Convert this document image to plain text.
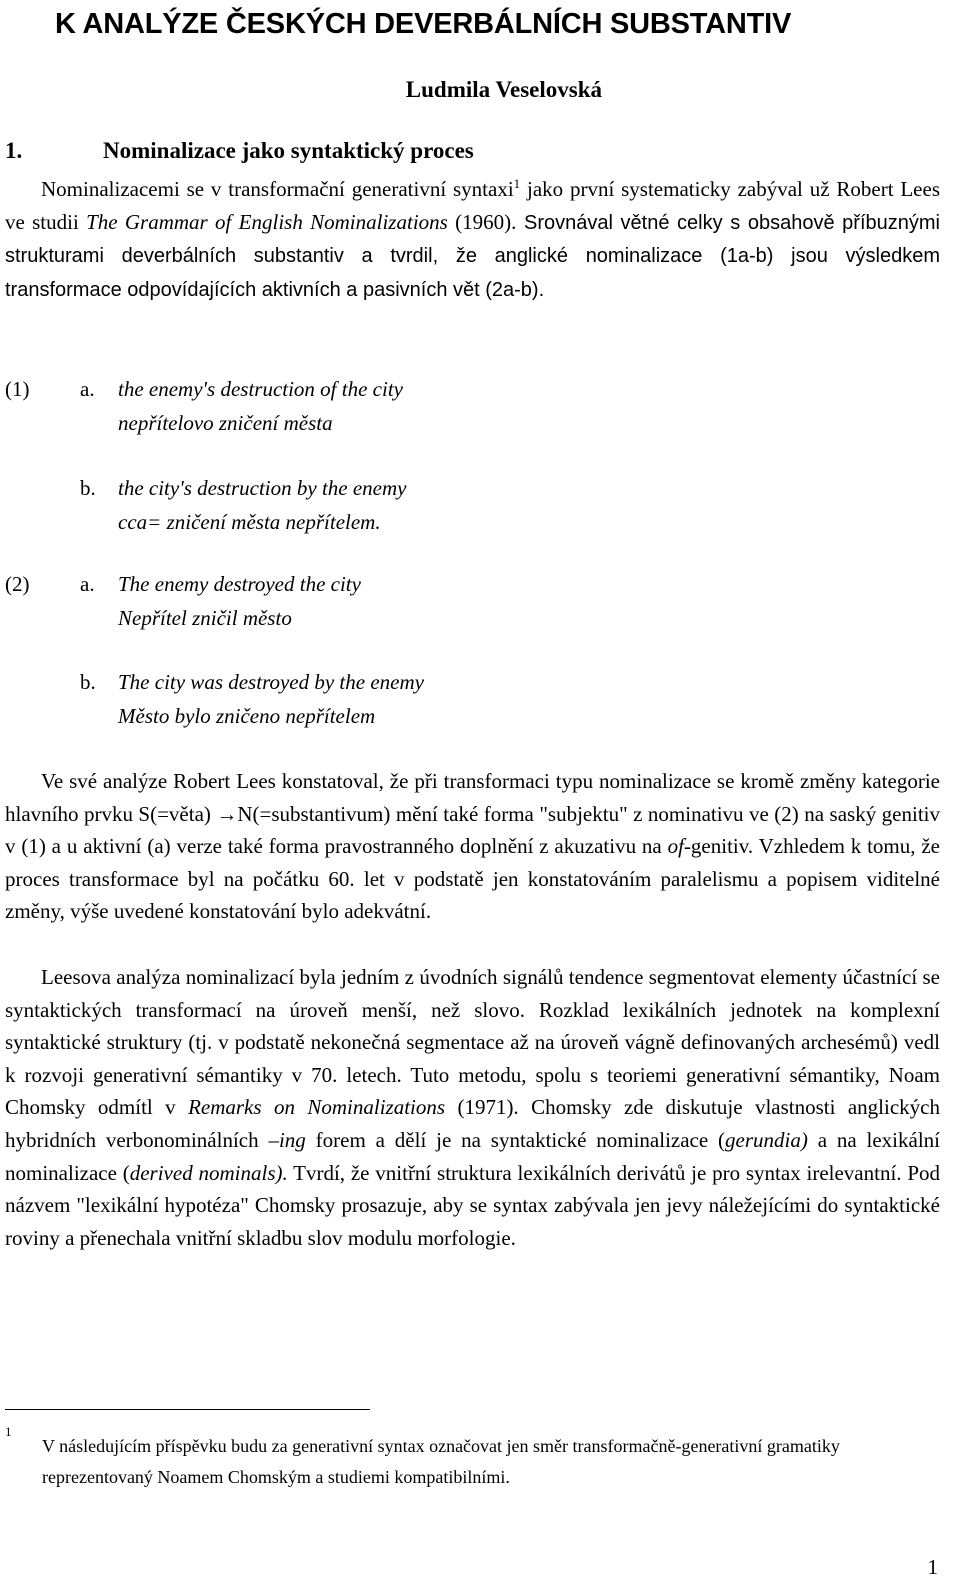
K ANALÝZE ČESKÝCH DEVERBÁLNÍCH SUBSTANTIV
Ludmila Veselovská
1.	Nominalizace jako syntaktický proces

Nominalizacemi se v transformační generativní syntaxi$^1$ jako první systematicky zabýval už Robert Lees ve studii The Grammar of English Nominalizations (1960). Srovnával větné celky s obsahově příbuznými strukturami deverbálních substantiv a tvrdil, že anglické nominalizace (1a-b) jsou výsledkem transformace odpovídajících aktivních a pasivních vět (2a-b).

(1) a. the enemy's destruction of the city
nepřítelovo zničení města
b. the city's destruction by the enemy
cca= zničení města nepřítelem.
(2) a. The enemy destroyed the city
Nepřítel zničil město
b. The city was destroyed by the enemy
Město bylo zničeno nepřítelem

Ve své analýze Robert Lees konstatoval, že při transformaci typu nominalizace se kromě změny kategorie hlavního prvku S(=věta) →N(=substantivum) mění také forma "subjektu" z nominativu ve (2) na saský genitiv v (1) a u aktivní (a) verze také forma pravostranného doplnění z akuzativu na of-genitiv. Vzhledem k tomu, že proces transformace byl na počátku 60. let v podstatě jen konstatováním paralelismu a popisem viditelné změny, výše uvedené konstatování bylo adekvátní.

Leesova analýza nominalizací byla jedním z úvodních signálů tendence segmentovat elementy účastnící se syntaktických transformací na úroveň menší, než slovo. Rozklad lexikálních jednotek na komplexní syntaktické struktury (tj. v podstatě nekonečná segmentace až na úroveň vágně definovaných archesémů) vedl k rozvoji generativní sémantiky v 70. letech. Tuto metodu, spolu s teoriemi generativní sémantiky, Noam Chomsky odmítl v Remarks on Nominalizations (1971). Chomsky zde diskutuje vlastnosti anglických hybridních verbonominálních –ing forem a dělí je na syntaktické nominalizace (gerundia) a na lexikální nominalizace (derived nominals). Tvrdí, že vnitřní struktura lexikálních derivátů je pro syntax irelevantní. Pod názvem "lexikální hypotéza" Chomsky prosazuje, aby se syntax zabývala jen jevy náležejícími do syntaktické roviny a přenechala vnitřní skladbu slov modulu morfologie.

1

V následujícím příspěvku budu za generativní syntax označovat jen směr transformačně-generativní gramatiky reprezentovaný Noamem Chomským a studiemi kompatibilními.

1
